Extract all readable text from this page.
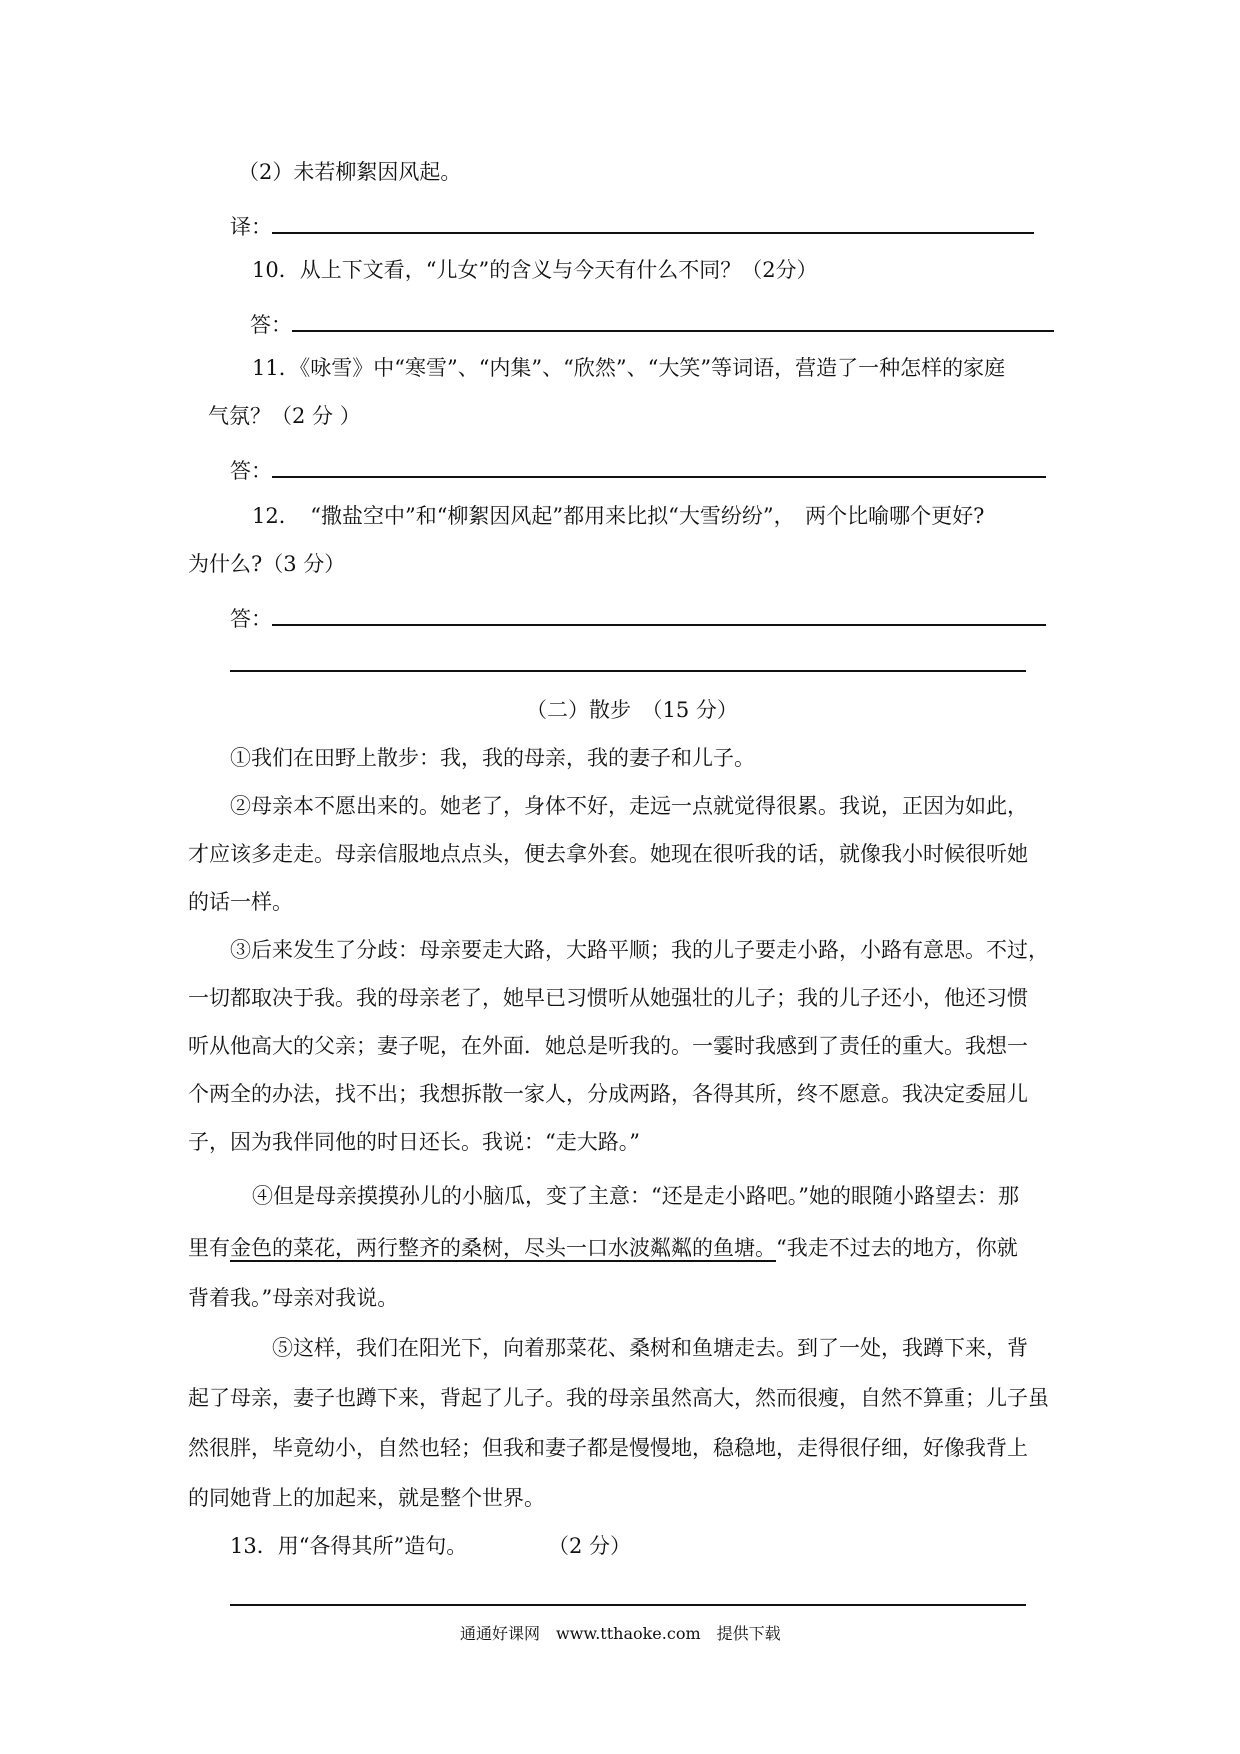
（2）未若柳絮因风起。
译：
10．从上下文看，“儿女”的含义与今天有什么不同？（2分）
答：
11．《咏雪》中“寒雪”、“内集”、“欣然”、“大笑”等词语，营造了一种怎样的家庭
气氛？（2 分 ）
答：
12．　“撒盐空中”和“柳絮因风起”都用来比拟“大雪纷纷”，　两个比喻哪个更好?
为什么?（3 分）
答：
（二）散步　（15 分）
①我们在田野上散步：我，我的母亲，我的妻子和儿子。
②母亲本不愿出来的。她老了，身体不好，走远一点就觉得很累。我说，正因为如此，
才应该多走走。母亲信服地点点头，便去拿外套。她现在很听我的话，就像我小时候很听她
的话一样。
③后来发生了分歧：母亲要走大路，大路平顺；我的儿子要走小路，小路有意思。不过，
一切都取决于我。我的母亲老了，她早已习惯听从她强壮的儿子；我的儿子还小，他还习惯
听从他高大的父亲；妻子呢，在外面．她总是听我的。一霎时我感到了责任的重大。我想一
个两全的办法，找不出；我想拆散一家人，分成两路，各得其所，终不愿意。我决定委屈儿
子，因为我伴同他的时日还长。我说：“走大路。”
④但是母亲摸摸孙儿的小脑瓜，变了主意：“还是走小路吧。”她的眼随小路望去：那
里有金色的菜花，两行整齐的桑树，尽头一口水波粼粼的鱼塘。“我走不过去的地方，你就
背着我。”母亲对我说。
⑤这样，我们在阳光下，向着那菜花、桑树和鱼塘走去。到了一处，我蹲下来，背
起了母亲，妻子也蹲下来，背起了儿子。我的母亲虽然高大，然而很瘦，自然不算重；儿子虽
然很胖，毕竟幼小，自然也轻；但我和妻子都是慢慢地，稳稳地，走得很仔细，好像我背上
的同她背上的加起来，就是整个世界。
13．用“各得其所”造句。	（2 分）
通通好课网　www.tthaoke.com　提供下载
